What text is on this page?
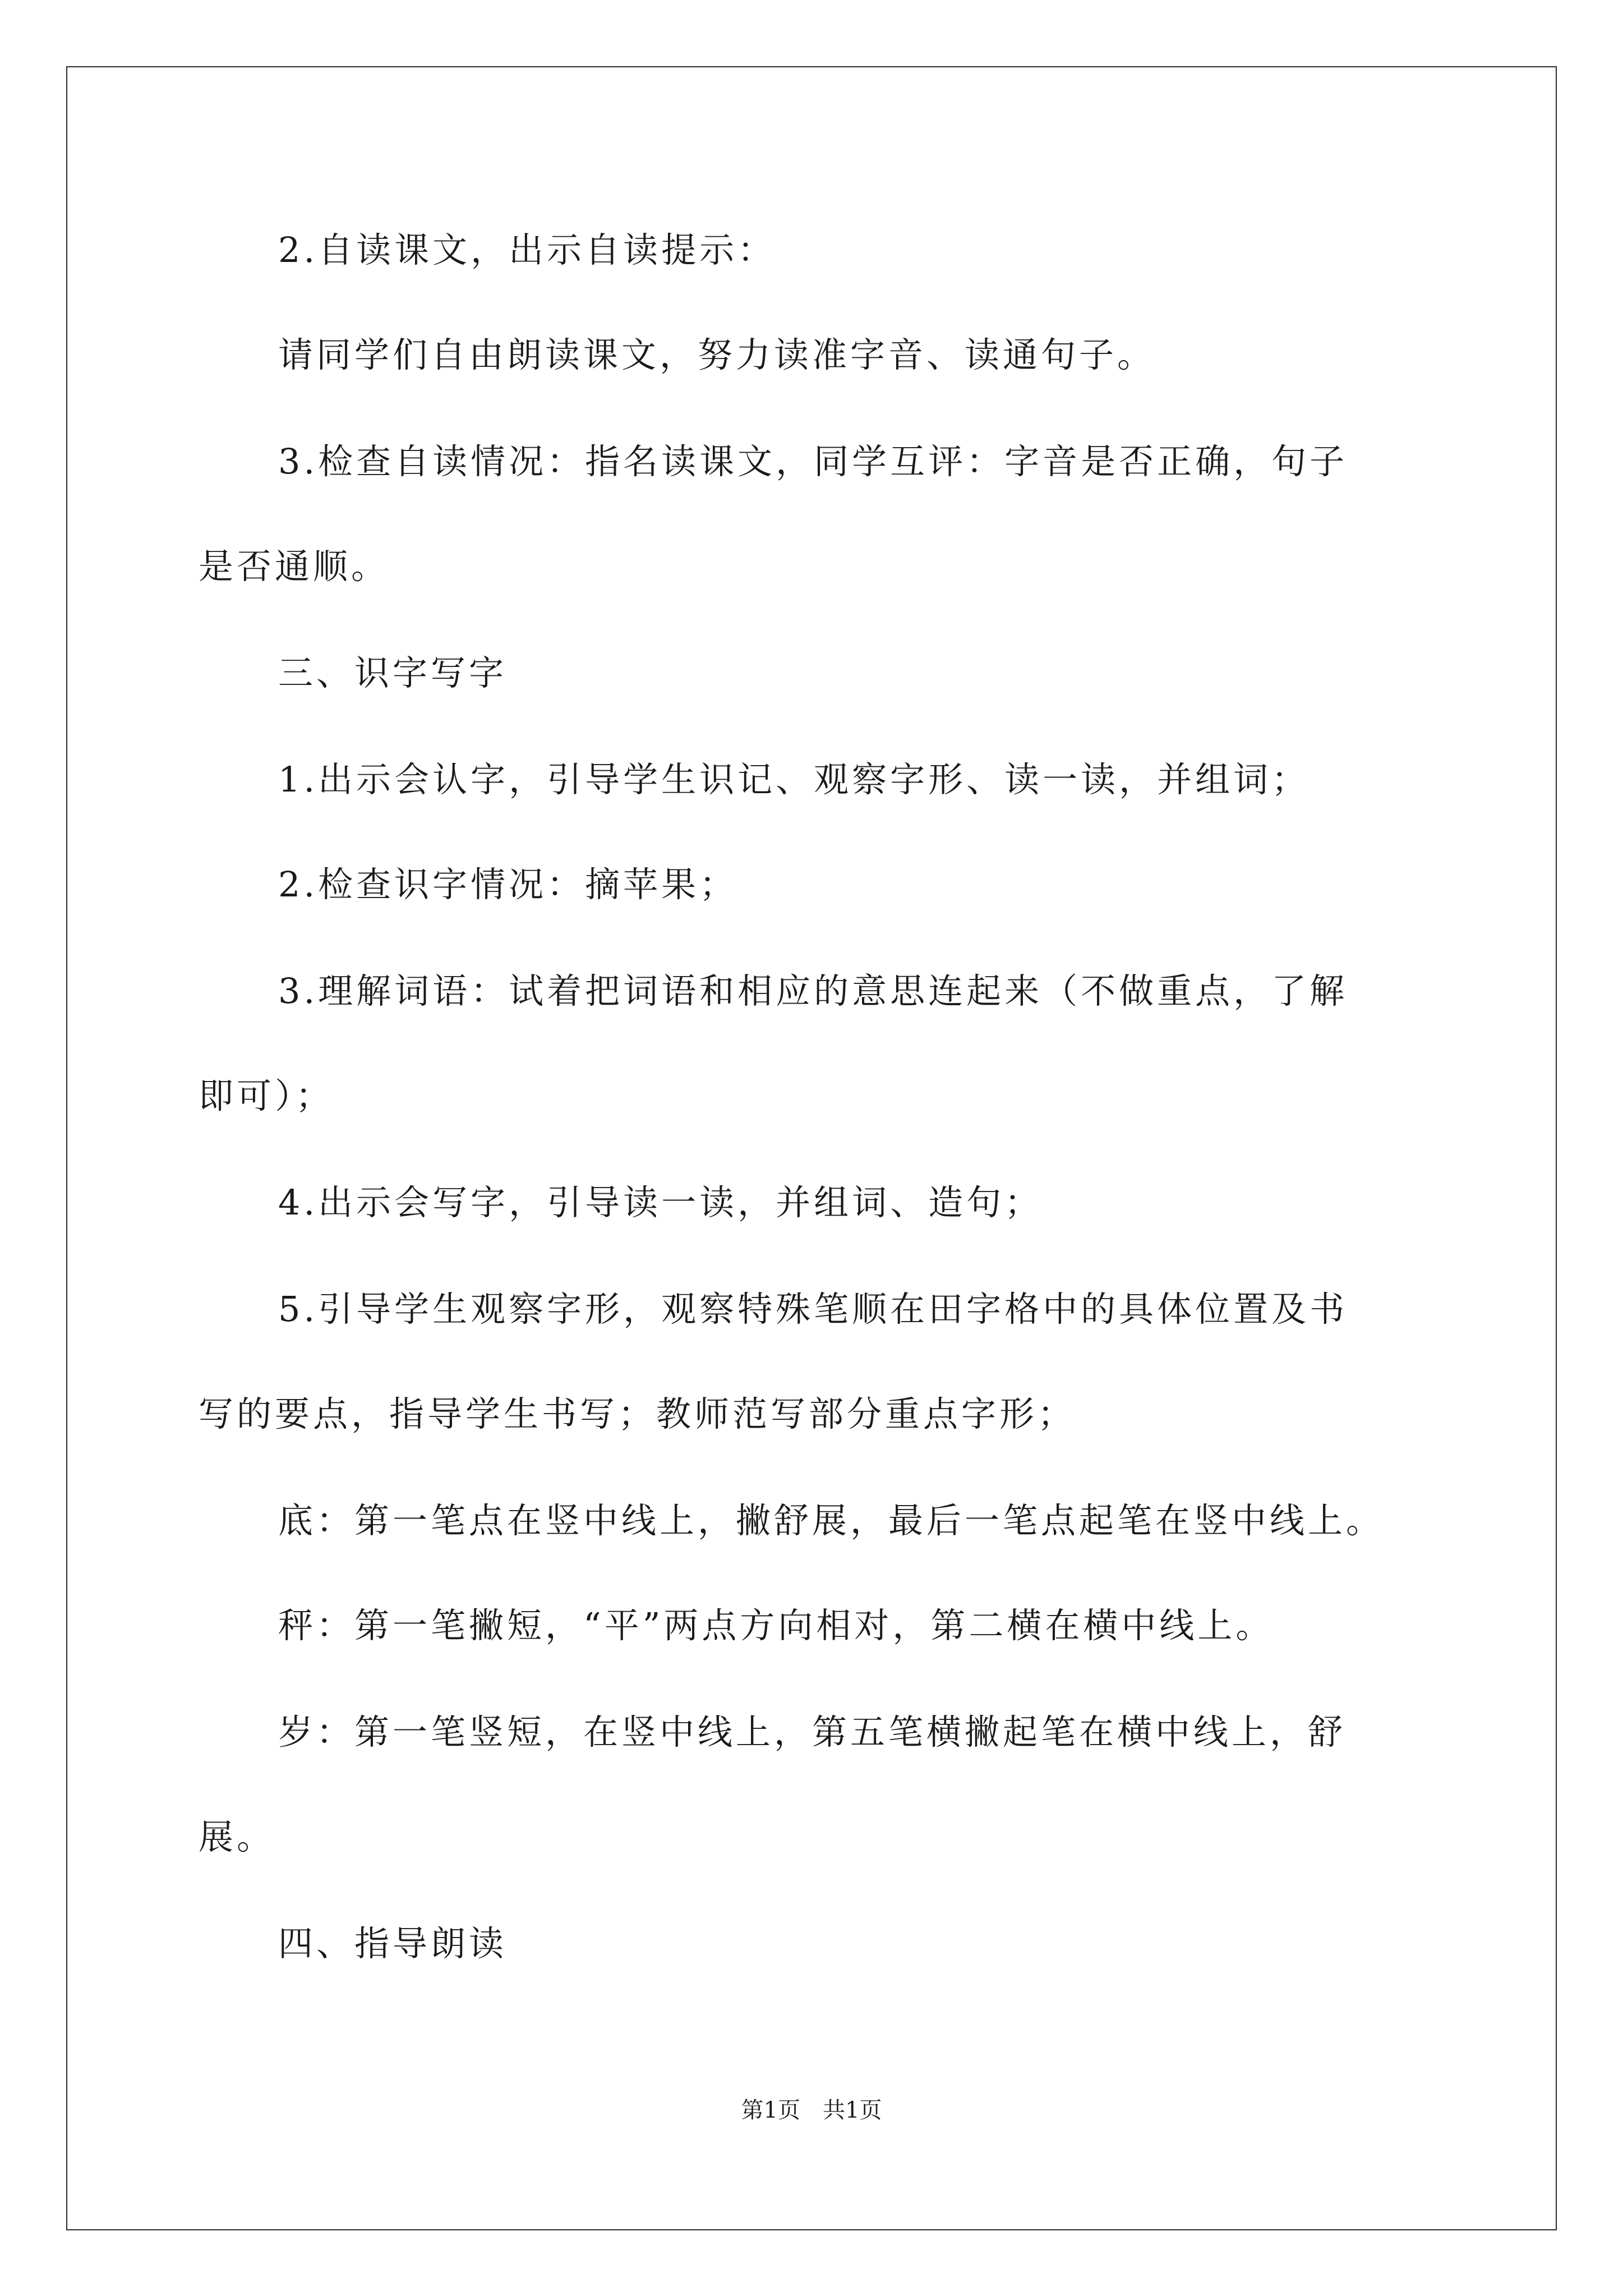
2.自读课文，出示自读提示：
请同学们自由朗读课文，努力读准字音、读通句子。
3.检查自读情况：指名读课文，同学互评：字音是否正确，句子
是否通顺。
三、识字写字
1.出示会认字，引导学生识记、观察字形、读一读，并组词；
2.检查识字情况：摘苹果；
3.理解词语：试着把词语和相应的意思连起来（不做重点，了解
即可）；
4.出示会写字，引导读一读，并组词、造句；
5.引导学生观察字形，观察特殊笔顺在田字格中的具体位置及书
写的要点，指导学生书写；教师范写部分重点字形；
底：第一笔点在竖中线上，撇舒展，最后一笔点起笔在竖中线上。
秤：第一笔撇短，“平”两点方向相对，第二横在横中线上。
岁：第一笔竖短，在竖中线上，第五笔横撇起笔在横中线上，舒
展。
四、指导朗读
第1页　共1页
